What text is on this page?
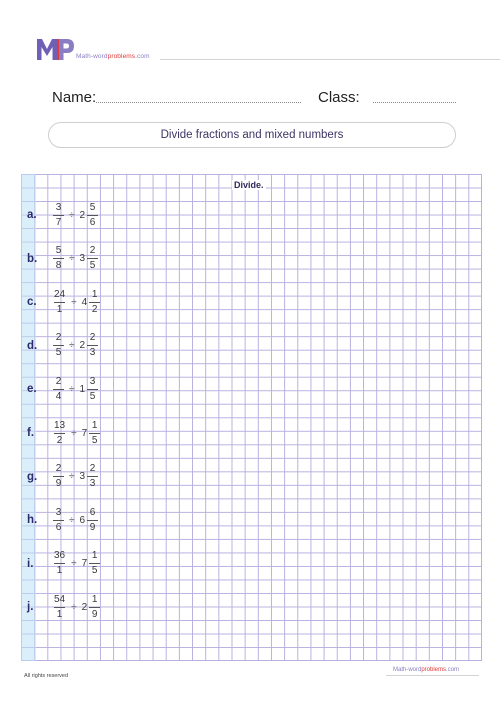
Math-wordproblems.com
Name:	Class:
Divide fractions and mixed numbers
Divide.
a.	$\frac{3}{7} \div 2 \frac{5}{6}$
b.	$\frac{5}{8} \div 3 \frac{2}{5}$
c.	$\frac{24}{1} \div 4 \frac{1}{2}$
d.	$\frac{2}{5} \div 2 \frac{2}{3}$
e.	$\frac{2}{4} \div 1 \frac{3}{5}$
f.	$\frac{13}{2} \div 7 \frac{1}{5}$
g.	$\frac{2}{9} \div 3 \frac{2}{3}$
h.	$\frac{3}{6} \div 6 \frac{6}{9}$
i.	$\frac{36}{1} \div 7 \frac{1}{5}$
j.	$\frac{54}{1} \div 2 \frac{1}{9}$
All rights reserved
Math-wordproblems.com
